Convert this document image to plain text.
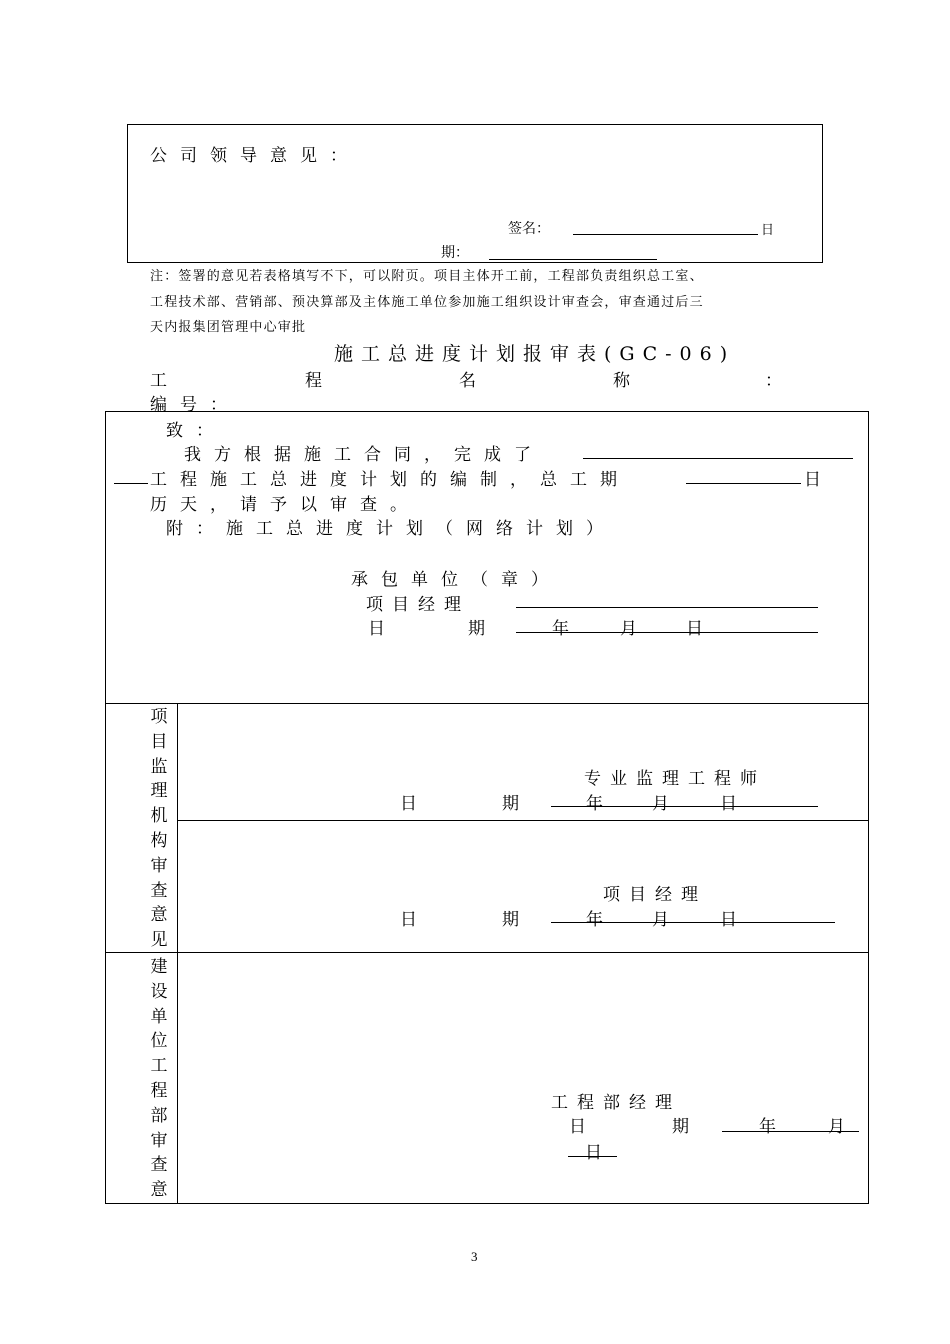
公司领导意见：
签名：	日
期：
注：签署的意见若表格填写不下，可以附页。项目主体开工前，工程部负责组织总工室、
工程技术部、营销部、预决算部及主体施工单位参加施工组织设计审查会，审查通过后三
天内报集团管理中心审批
施工总进度计划报审表(GC-06)
工	程	名	称	：
编号：
致：
我方根据施工合同，完成了
工程施工总进度计划的编制，总工期	日
历天，请予以审查。
附：施工总进度计划（网络计划）
承包单位（章）
项目经理
日	期	年	月	日
项
目
监
理
机
构
审
查
意
见
专业监理工程师
日	期	年	月	日
项目经理
日	期	年	月	日
建
设
单
位
工
程
部
审
查
意
工程部经理
日	期	年	月
日
3
